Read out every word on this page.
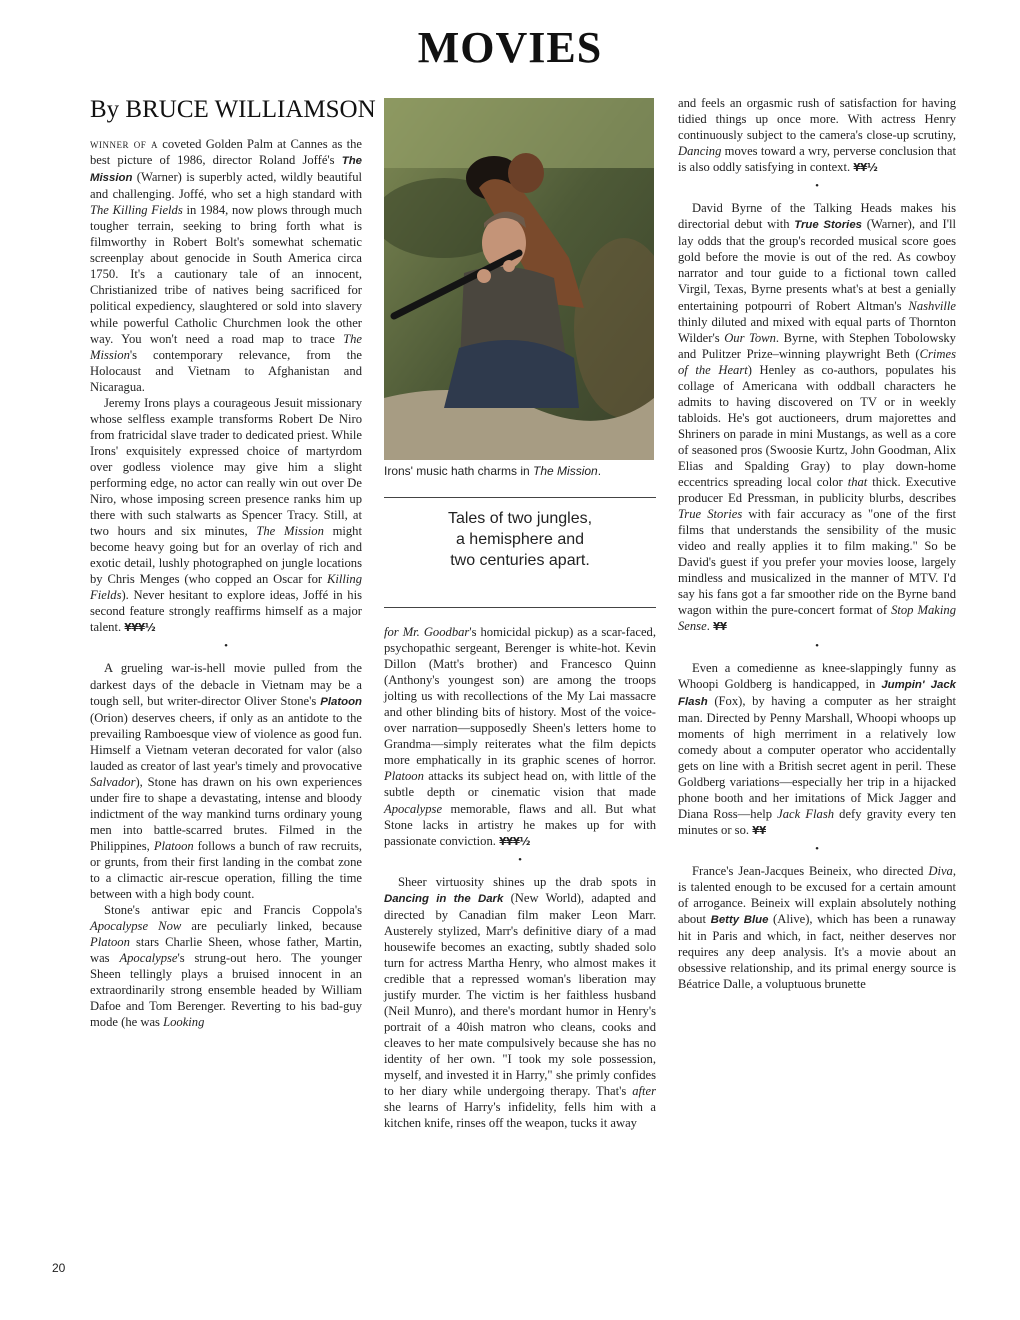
MOVIES
By BRUCE WILLIAMSON

winner of a coveted Golden Palm at Cannes as the best picture of 1986, director Roland Joffé's The Mission (Warner) is superbly acted, wildly beautiful and challenging. Joffé, who set a high standard with The Killing Fields in 1984, now plows through much tougher terrain, seeking to bring forth what is filmworthy in Robert Bolt's somewhat schematic screenplay about genocide in South America circa 1750. It's a cautionary tale of an innocent, Christianized tribe of natives being sacrificed for political expediency, slaughtered or sold into slavery while powerful Catholic Churchmen look the other way. You won't need a road map to trace The Mission's contemporary relevance, from the Holocaust and Vietnam to Afghanistan and Nicaragua.

Jeremy Irons plays a courageous Jesuit missionary whose selfless example transforms Robert De Niro from fratricidal slave trader to dedicated priest. While Irons' exquisitely expressed choice of martyrdom over godless violence may give him a slight performing edge, no actor can really win out over De Niro, whose imposing screen presence ranks him up there with such stalwarts as Spencer Tracy. Still, at two hours and six minutes, The Mission might become heavy going but for an overlay of rich and exotic detail, lushly photographed on jungle locations by Chris Menges (who copped an Oscar for Killing Fields). Never hesitant to explore ideas, Joffé in his second feature strongly reaffirms himself as a major talent. ¥¥¥½

•

A grueling war-is-hell movie pulled from the darkest days of the debacle in Vietnam may be a tough sell, but writer-director Oliver Stone's Platoon (Orion) deserves cheers, if only as an antidote to the prevailing Ramboesque view of violence as good fun. Himself a Vietnam veteran decorated for valor (also lauded as creator of last year's timely and provocative Salvador), Stone has drawn on his own experiences under fire to shape a devastating, intense and bloody indictment of the way mankind turns ordinary young men into battle-scarred brutes. Filmed in the Philippines, Platoon follows a bunch of raw recruits, or grunts, from their first landing in the combat zone to a climactic air-rescue operation, filling the time between with a high body count.

Stone's antiwar epic and Francis Coppola's Apocalypse Now are peculiarly linked, because Platoon stars Charlie Sheen, whose father, Martin, was Apocalypse's strung-out hero. The younger Sheen tellingly plays a bruised innocent in an extraordinarily strong ensemble headed by William Dafoe and Tom Berenger. Reverting to his bad-guy mode (he was Looking

Irons' music hath charms in The Mission.
Tales of two jungles,
a hemisphere and
two centuries apart.

for Mr. Goodbar's homicidal pickup) as a scar-faced, psychopathic sergeant, Berenger is white-hot. Kevin Dillon (Matt's brother) and Francesco Quinn (Anthony's youngest son) are among the troops jolting us with recollections of the My Lai massacre and other blinding bits of history. Most of the voice-over narration—supposedly Sheen's letters home to Grandma—simply reiterates what the film depicts more emphatically in its graphic scenes of horror. Platoon attacks its subject head on, with little of the subtle depth or cinematic vision that made Apocalypse memorable, flaws and all. But what Stone lacks in artistry he makes up for with passionate conviction. ¥¥¥½

•

Sheer virtuosity shines up the drab spots in Dancing in the Dark (New World), adapted and directed by Canadian film maker Leon Marr. Austerely stylized, Marr's definitive diary of a mad housewife becomes an exacting, subtly shaded solo turn for actress Martha Henry, who almost makes it credible that a repressed woman's liberation may justify murder. The victim is her faithless husband (Neil Munro), and there's mordant humor in Henry's portrait of a 40ish matron who cleans, cooks and cleaves to her mate compulsively because she has no identity of her own. "I took my sole possession, myself, and invested it in Harry," she primly confides to her diary while undergoing therapy. That's after she learns of Harry's infidelity, fells him with a kitchen knife, rinses off the weapon, tucks it away

and feels an orgasmic rush of satisfaction for having tidied things up once more. With actress Henry continuously subject to the camera's close-up scrutiny, Dancing moves toward a wry, perverse conclusion that is also oddly satisfying in context. ¥¥½

•

David Byrne of the Talking Heads makes his directorial debut with True Stories (Warner), and I'll lay odds that the group's recorded musical score goes gold before the movie is out of the red. As cowboy narrator and tour guide to a fictional town called Virgil, Texas, Byrne presents what's at best a genially entertaining potpourri of Robert Altman's Nashville thinly diluted and mixed with equal parts of Thornton Wilder's Our Town. Byrne, with Stephen Tobolowsky and Pulitzer Prize–winning playwright Beth (Crimes of the Heart) Henley as co-authors, populates his collage of Americana with oddball characters he admits to having discovered on TV or in weekly tabloids. He's got auctioneers, drum majorettes and Shriners on parade in mini Mustangs, as well as a core of seasoned pros (Swoosie Kurtz, John Goodman, Alix Elias and Spalding Gray) to play down-home eccentrics spreading local color that thick. Executive producer Ed Pressman, in publicity blurbs, describes True Stories with fair accuracy as "one of the first films that understands the sensibility of the music video and really applies it to film making." So be David's guest if you prefer your movies loose, largely mindless and musicalized in the manner of MTV. I'd say his fans got a far smoother ride on the Byrne band wagon within the pure-concert format of Stop Making Sense. ¥¥

•

Even a comedienne as knee-slappingly funny as Whoopi Goldberg is handicapped, in Jumpin' Jack Flash (Fox), by having a computer as her straight man. Directed by Penny Marshall, Whoopi whoops up moments of high merriment in a relatively low comedy about a computer operator who accidentally gets on line with a British secret agent in peril. These Goldberg variations—especially her trip in a hijacked phone booth and her imitations of Mick Jagger and Diana Ross—help Jack Flash defy gravity every ten minutes or so. ¥¥

•

France's Jean-Jacques Beineix, who directed Diva, is talented enough to be excused for a certain amount of arrogance. Beineix will explain absolutely nothing about Betty Blue (Alive), which has been a runaway hit in Paris and which, in fact, neither deserves nor requires any deep analysis. It's a movie about an obsessive relationship, and its primal energy source is Béatrice Dalle, a voluptuous brunette

20
